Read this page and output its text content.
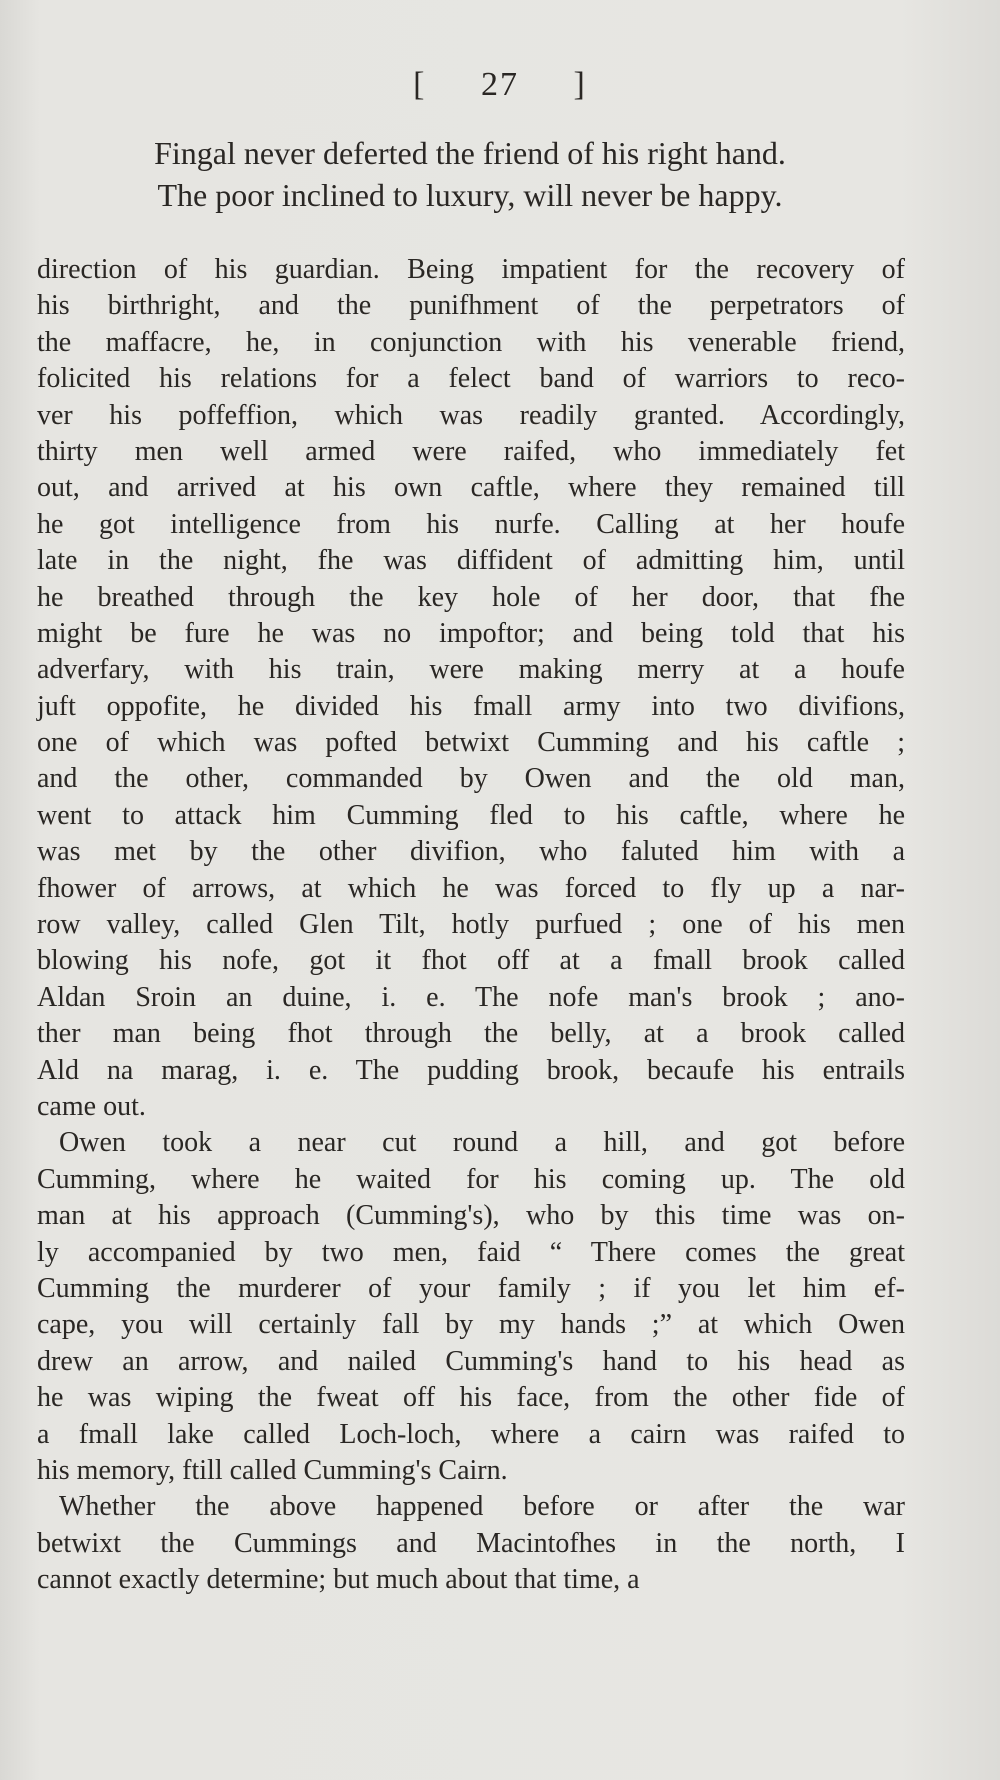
[ 27 ]
Fingal never deferted the friend of his right hand.
The poor inclined to luxury, will never be happy.
direction of his guardian. Being impatient for the recovery of
his birthright, and the punifhment of the perpetrators of
the maffacre, he, in conjunction with his venerable friend,
folicited his relations for a felect band of warriors to reco-
ver his poffeffion, which was readily granted. Accordingly,
thirty men well armed were raifed, who immediately fet
out, and arrived at his own caftle, where they remained till
he got intelligence from his nurfe. Calling at her houfe
late in the night, fhe was diffident of admitting him, until
he breathed through the key hole of her door, that fhe
might be fure he was no impoftor; and being told that his
adverfary, with his train, were making merry at a houfe
juft oppofite, he divided his fmall army into two divifions,
one of which was pofted betwixt Cumming and his caftle ;
and the other, commanded by Owen and the old man,
went to attack him Cumming fled to his caftle, where he
was met by the other divifion, who faluted him with a
fhower of arrows, at which he was forced to fly up a nar-
row valley, called Glen Tilt, hotly purfued ; one of his men
blowing his nofe, got it fhot off at a fmall brook called
Aldan Sroin an duine, i. e. The nofe man's brook ; ano-
ther man being fhot through the belly, at a brook called
Ald na marag, i. e. The pudding brook, becaufe his entrails
came out.
Owen took a near cut round a hill, and got before
Cumming, where he waited for his coming up. The old
man at his approach (Cumming's), who by this time was on-
ly accompanied by two men, faid “ There comes the great
Cumming the murderer of your family ; if you let him ef-
cape, you will certainly fall by my hands ;” at which Owen
drew an arrow, and nailed Cumming's hand to his head as
he was wiping the fweat off his face, from the other fide of
a fmall lake called Loch-loch, where a cairn was raifed to
his memory, ftill called Cumming's Cairn.
Whether the above happened before or after the war
betwixt the Cummings and Macintofhes in the north, I
cannot exactly determine; but much about that time, a
